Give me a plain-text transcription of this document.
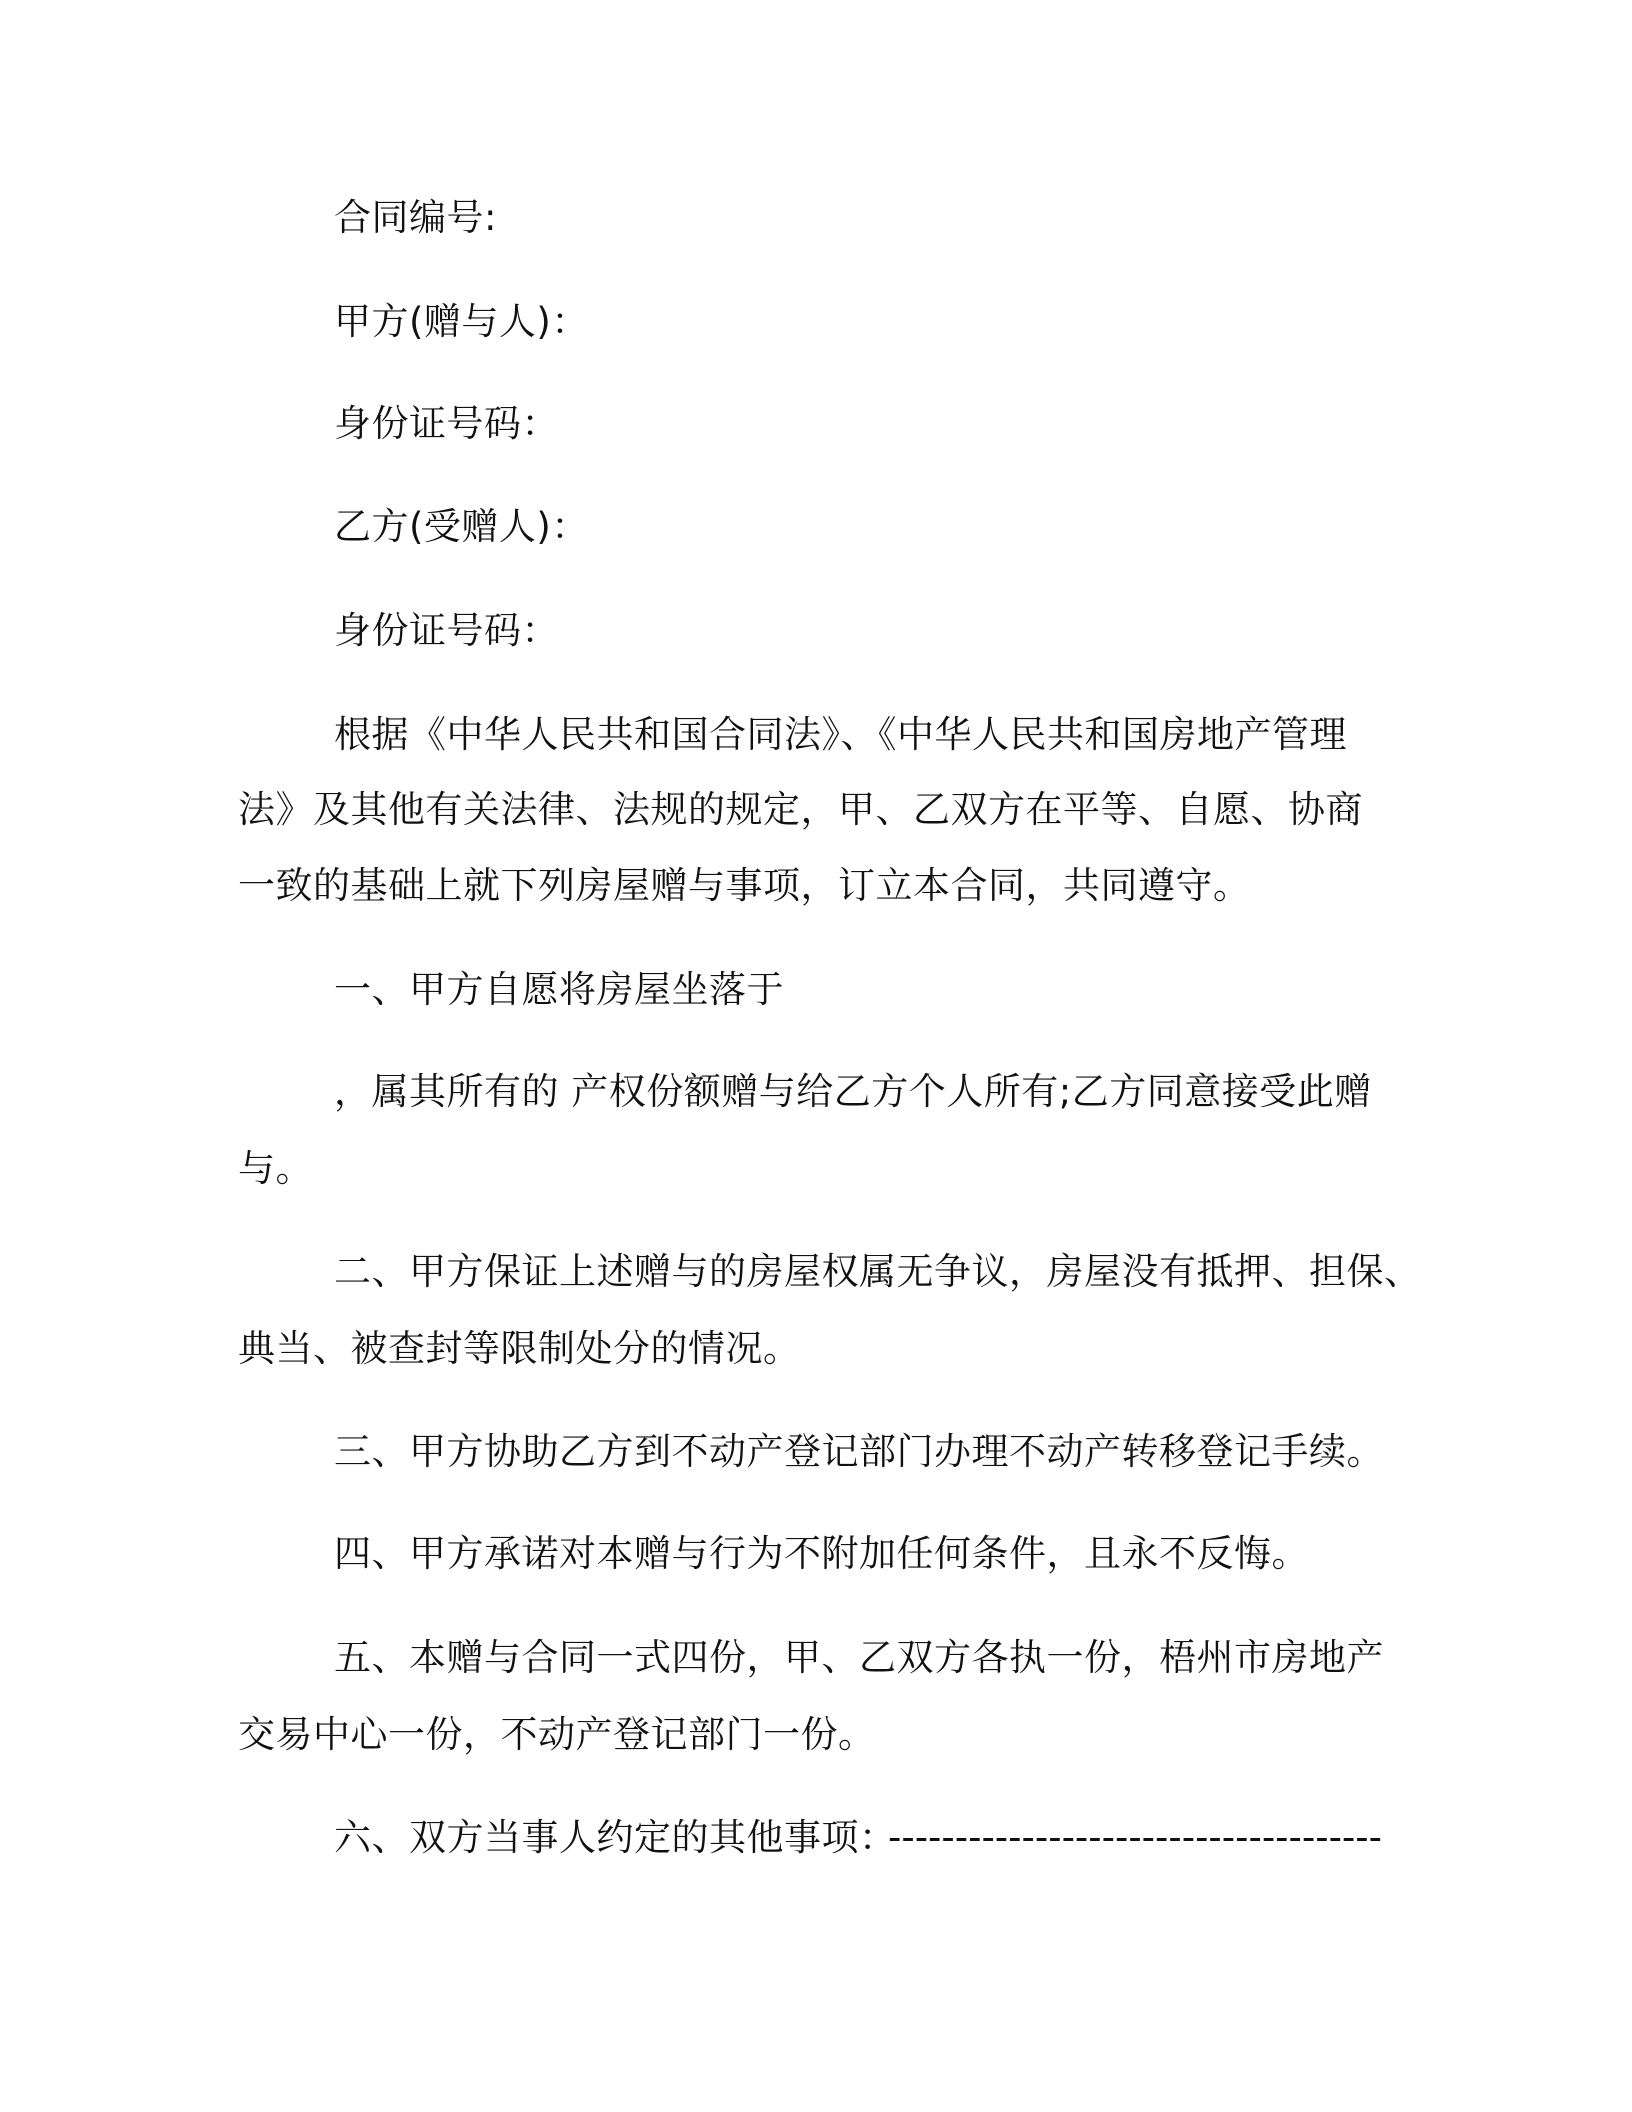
合同编号:
甲方(赠与人)：
身份证号码：
乙方(受赠人)：
身份证号码：
根据《中华人民共和国合同法》、《中华人民共和国房地产管理
法》及其他有关法律、法规的规定，甲、乙双方在平等、自愿、协商
一致的基础上就下列房屋赠与事项，订立本合同，共同遵守。
一、甲方自愿将房屋坐落于
，属其所有的 产权份额赠与给乙方个人所有;乙方同意接受此赠
与。
二、甲方保证上述赠与的房屋权属无争议，房屋没有抵押、担保、
典当、被查封等限制处分的情况。
三、甲方协助乙方到不动产登记部门办理不动产转移登记手续。
四、甲方承诺对本赠与行为不附加任何条件，且永不反悔。
五、本赠与合同一式四份，甲、乙双方各执一份，梧州市房地产
交易中心一份，不动产登记部门一份。
六、双方当事人约定的其他事项：
-------------------------------------
